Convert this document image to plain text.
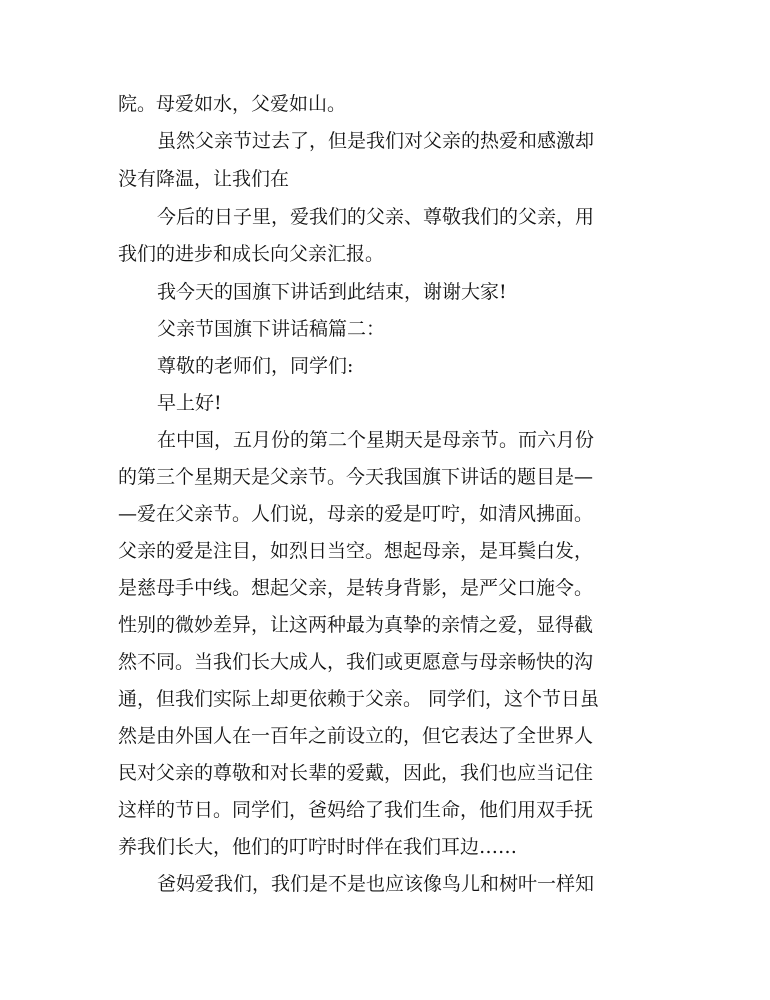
院。母爱如水，父爱如山。
虽然父亲节过去了，但是我们对父亲的热爱和感激却
没有降温，让我们在
今后的日子里，爱我们的父亲、尊敬我们的父亲，用
我们的进步和成长向父亲汇报。
我今天的国旗下讲话到此结束，谢谢大家!
父亲节国旗下讲话稿篇二：
尊敬的老师们，同学们:
早上好!
在中国，五月份的第二个星期天是母亲节。而六月份
的第三个星期天是父亲节。今天我国旗下讲话的题目是—
—爱在父亲节。人们说，母亲的爱是叮咛，如清风拂面。
父亲的爱是注目，如烈日当空。想起母亲，是耳鬓白发，
是慈母手中线。想起父亲，是转身背影，是严父口施令。
性别的微妙差异，让这两种最为真挚的亲情之爱，显得截
然不同。当我们长大成人，我们或更愿意与母亲畅快的沟
通，但我们实际上却更依赖于父亲。 同学们，这个节日虽
然是由外国人在一百年之前设立的，但它表达了全世界人
民对父亲的尊敬和对长辈的爱戴，因此，我们也应当记住
这样的节日。同学们，爸妈给了我们生命，他们用双手抚
养我们长大，他们的叮咛时时伴在我们耳边……
爸妈爱我们，我们是不是也应该像鸟儿和树叶一样知
